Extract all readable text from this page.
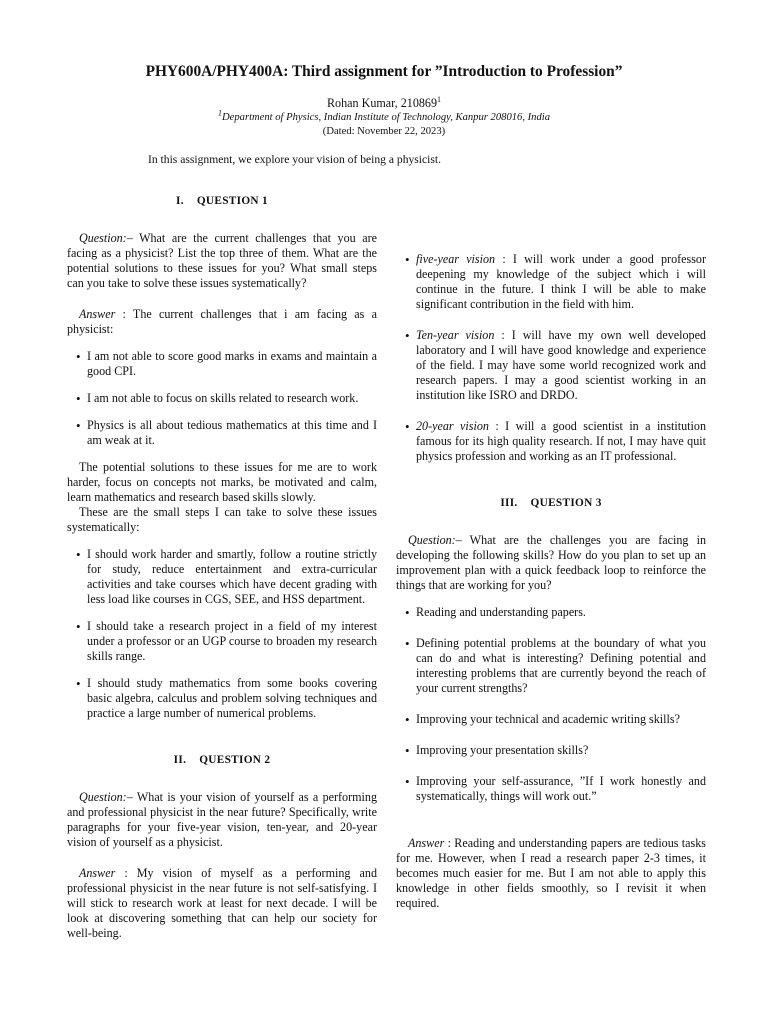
PHY600A/PHY400A: Third assignment for ”Introduction to Profession”
Rohan Kumar, 210869$^1$
$^1$Department of Physics, Indian Institute of Technology, Kanpur 208016, India
(Dated: November 22, 2023)
In this assignment, we explore your vision of being a physicist.
I. QUESTION 1

Question:– What are the current challenges that you are facing as a physicist? List the top three of them. What are the potential solutions to these issues for you? What small steps can you take to solve these issues systematically?

Answer : The current challenges that i am facing as a physicist:

• I am not able to score good marks in exams and maintain a good CPI.
• I am not able to focus on skills related to research work.
• Physics is all about tedious mathematics at this time and I am weak at it.

The potential solutions to these issues for me are to work harder, focus on concepts not marks, be motivated and calm, learn mathematics and research based skills slowly.

These are the small steps I can take to solve these issues systematically:

• I should work harder and smartly, follow a routine strictly for study, reduce entertainment and extra-curricular activities and take courses which have decent grading with less load like courses in CGS, SEE, and HSS department.
• I should take a research project in a field of my interest under a professor or an UGP course to broaden my research skills range.
• I should study mathematics from some books covering basic algebra, calculus and problem solving techniques and practice a large number of numerical problems.
II. QUESTION 2

Question:– What is your vision of yourself as a performing and professional physicist in the near future? Specifically, write paragraphs for your five-year vision, ten-year, and 20-year vision of yourself as a physicist.

Answer : My vision of myself as a performing and professional physicist in the near future is not self-satisfying. I will stick to research work at least for next decade. I will be look at discovering something that can help our society for well-being.

• five-year vision : I will work under a good professor deepening my knowledge of the subject which i will continue in the future. I think I will be able to make significant contribution in the field with him.
• Ten-year vision : I will have my own well developed laboratory and I will have good knowledge and experience of the field. I may have some world recognized work and research papers. I may a good scientist working in an institution like ISRO and DRDO.
• 20-year vision : I will a good scientist in a institution famous for its high quality research. If not, I may have quit physics profession and working as an IT professional.
III. QUESTION 3

Question:– What are the challenges you are facing in developing the following skills? How do you plan to set up an improvement plan with a quick feedback loop to reinforce the things that are working for you?

• Reading and understanding papers.
• Defining potential problems at the boundary of what you can do and what is interesting? Defining potential and interesting problems that are currently beyond the reach of your current strengths?
• Improving your technical and academic writing skills?
• Improving your presentation skills?
• Improving your self-assurance, ”If I work honestly and systematically, things will work out.”

Answer : Reading and understanding papers are tedious tasks for me. However, when I read a research paper 2-3 times, it becomes much easier for me. But I am not able to apply this knowledge in other fields smoothly, so I revisit it when required.
